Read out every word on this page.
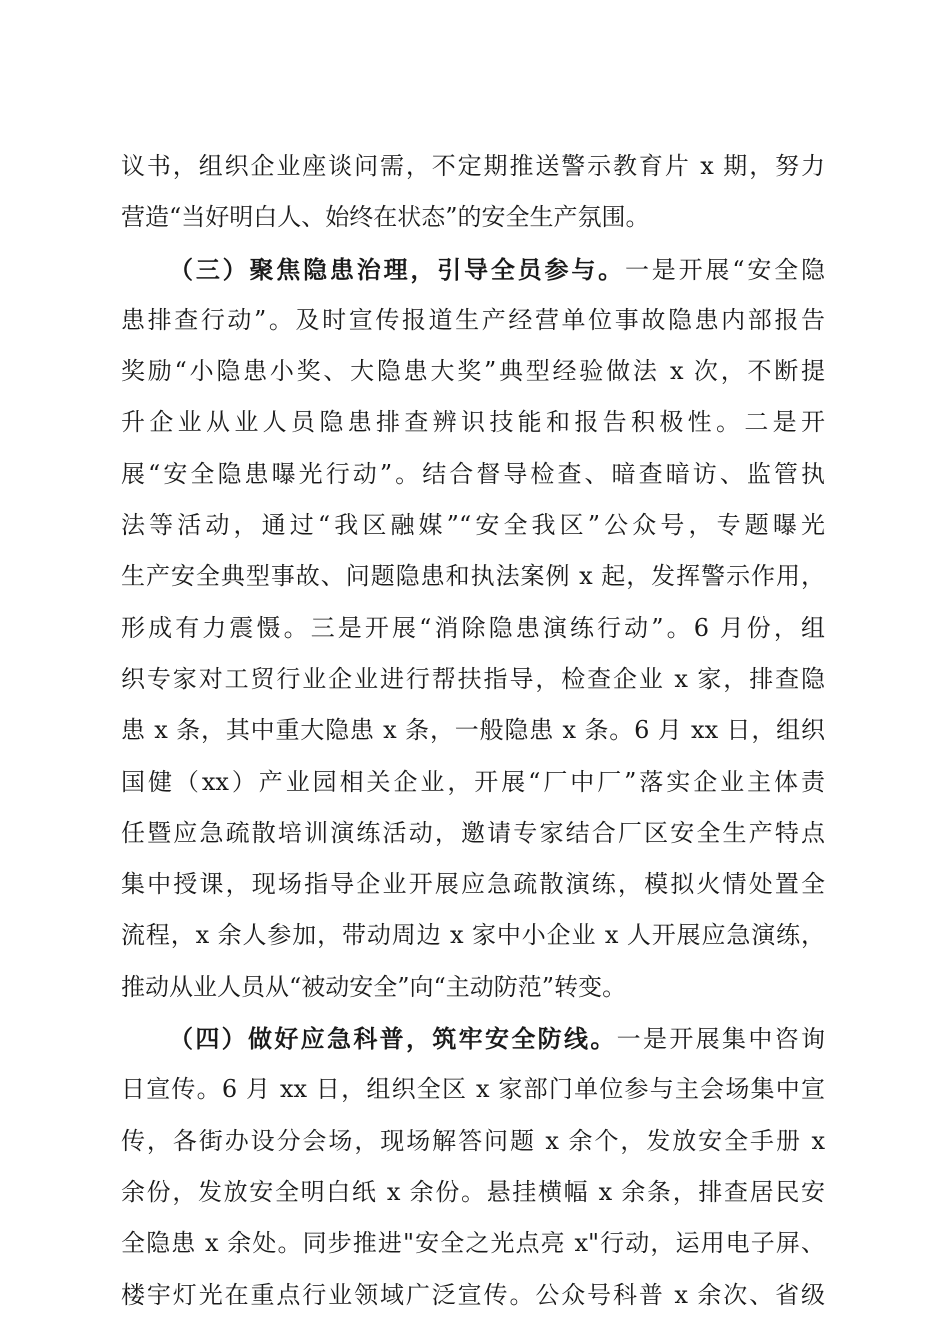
议书，组织企业座谈问需，不定期推送警示教育片 x 期，努力
营造“当好明白人、始终在状态”的安全生产氛围。
（三）聚焦隐患治理，引导全员参与。一是开展“安全隐
患排查行动”。及时宣传报道生产经营单位事故隐患内部报告
奖励“小隐患小奖、大隐患大奖”典型经验做法 x 次，不断提
升企业从业人员隐患排查辨识技能和报告积极性。二是开
展“安全隐患曝光行动”。结合督导检查、暗查暗访、监管执
法等活动，通过“我区融媒”“安全我区”公众号，专题曝光
生产安全典型事故、问题隐患和执法案例 x 起，发挥警示作用，
形成有力震慑。三是开展“消除隐患演练行动”。6 月份，组
织专家对工贸行业企业进行帮扶指导，检查企业 x 家，排查隐
患 x 条，其中重大隐患 x 条，一般隐患 x 条。6 月 xx 日，组织
国健（xx）产业园相关企业，开展“厂中厂”落实企业主体责
任暨应急疏散培训演练活动，邀请专家结合厂区安全生产特点
集中授课，现场指导企业开展应急疏散演练，模拟火情处置全
流程，x 余人参加，带动周边 x 家中小企业 x 人开展应急演练，
推动从业人员从“被动安全”向“主动防范”转变。
（四）做好应急科普，筑牢安全防线。一是开展集中咨询
日宣传。6 月 xx 日，组织全区 x 家部门单位参与主会场集中宣
传，各街办设分会场，现场解答问题 x 余个，发放安全手册 x
余份，发放安全明白纸 x 余份。悬挂横幅 x 余条，排查居民安
全隐患 x 余处。同步推进"安全之光点亮 x"行动，运用电子屏、
楼宇灯光在重点行业领域广泛宣传。公众号科普 x 余次、省级
